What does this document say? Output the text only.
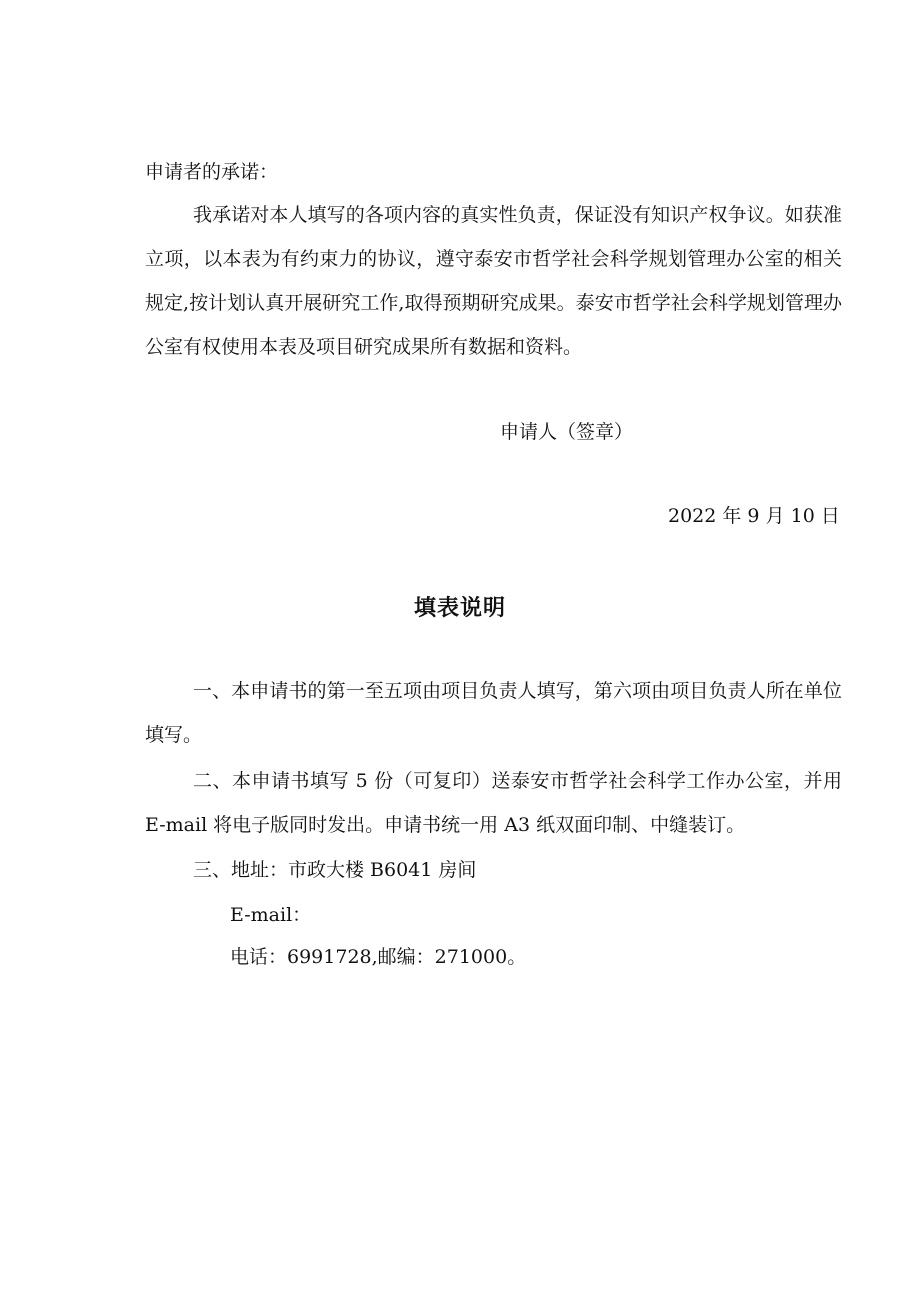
申请者的承诺：

我承诺对本人填写的各项内容的真实性负责，保证没有知识产权争议。如获准立项，以本表为有约束力的协议，遵守泰安市哲学社会科学规划管理办公室的相关规定,按计划认真开展研究工作,取得预期研究成果。泰安市哲学社会科学规划管理办公室有权使用本表及项目研究成果所有数据和资料。

申请人（签章）

2022 年 9 月 10 日

填表说明

一、本申请书的第一至五项由项目负责人填写，第六项由项目负责人所在单位填写。

二、本申请书填写 5 份（可复印）送泰安市哲学社会科学工作办公室，并用 E-mail 将电子版同时发出。申请书统一用 A3 纸双面印制、中缝装订。

三、地址：市政大楼 B6041 房间

E-mail：

电话：6991728,邮编：271000。
